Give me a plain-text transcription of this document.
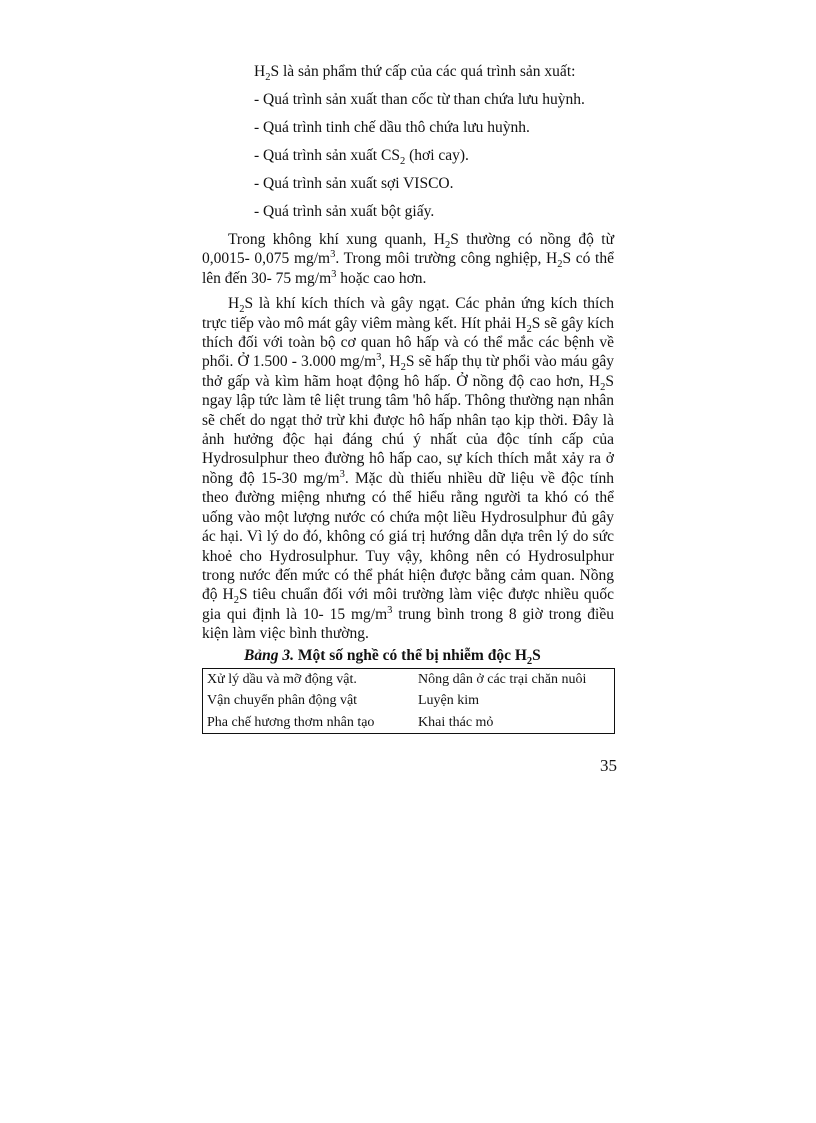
$H_2S$ là sản phẩm thứ cấp của các quá trình sản xuất:
- Quá trình sản xuất than cốc từ than chứa lưu huỳnh.
- Quá trình tinh chế dầu thô chứa lưu huỳnh.
- Quá trình sản xuất $CS_2$ (hơi cay).
- Quá trình sản xuất sợi VISCO.
- Quá trình sản xuất bột giấy.

Trong không khí xung quanh, $H_2S$ thường có nồng độ từ 0,0015- 0,075 $mg/m^3$. Trong môi trường công nghiệp, $H_2S$ có thể lên đến 30- 75 $mg/m^3$ hoặc cao hơn.

$H_2S$ là khí kích thích và gây ngạt. Các phản ứng kích thích trực tiếp vào mô mát gây viêm màng kết. Hít phải $H_2S$ sẽ gây kích thích đối với toàn bộ cơ quan hô hấp và có thể mắc các bệnh về phổi. Ở 1.500 - 3.000 $mg/m^3$, $H_2S$ sẽ hấp thụ từ phổi vào máu gây thở gấp và kìm hãm hoạt động hô hấp. Ở nồng độ cao hơn, $H_2S$ ngay lập tức làm tê liệt trung tâm 'hô hấp. Thông thường nạn nhân sẽ chết do ngạt thở trừ khi được hô hấp nhân tạo kịp thời. Đây là ảnh hưởng độc hại đáng chú ý nhất của độc tính cấp của Hydrosulphur theo đường hô hấp cao, sự kích thích mắt xảy ra ở nồng độ 15-30 $mg/m^3$. Mặc dù thiếu nhiều dữ liệu về độc tính theo đường miệng nhưng có thể hiểu rằng người ta khó có thể uống vào một lượng nước có chứa một liều Hydrosulphur đủ gây ác hại. Vì lý do đó, không có giá trị hướng dẫn dựa trên lý do sức khoẻ cho Hydrosulphur. Tuy vậy, không nên có Hydrosulphur trong nước đến mức có thể phát hiện được bằng cảm quan. Nồng độ $H_2S$ tiêu chuẩn đối với môi trường làm việc được nhiều quốc gia qui định là 10- 15 $mg/m^3$ trung bình trong 8 giờ trong điều kiện làm việc bình thường.

Bảng 3. Một số nghề có thể bị nhiễm độc $H_2S$
Xử lý dầu và mỡ động vật.	Nông dân ở các trại chăn nuôi
Vận chuyển phân động vật	Luyện kim
Pha chế hương thơm nhân tạo	Khai thác mỏ
35
